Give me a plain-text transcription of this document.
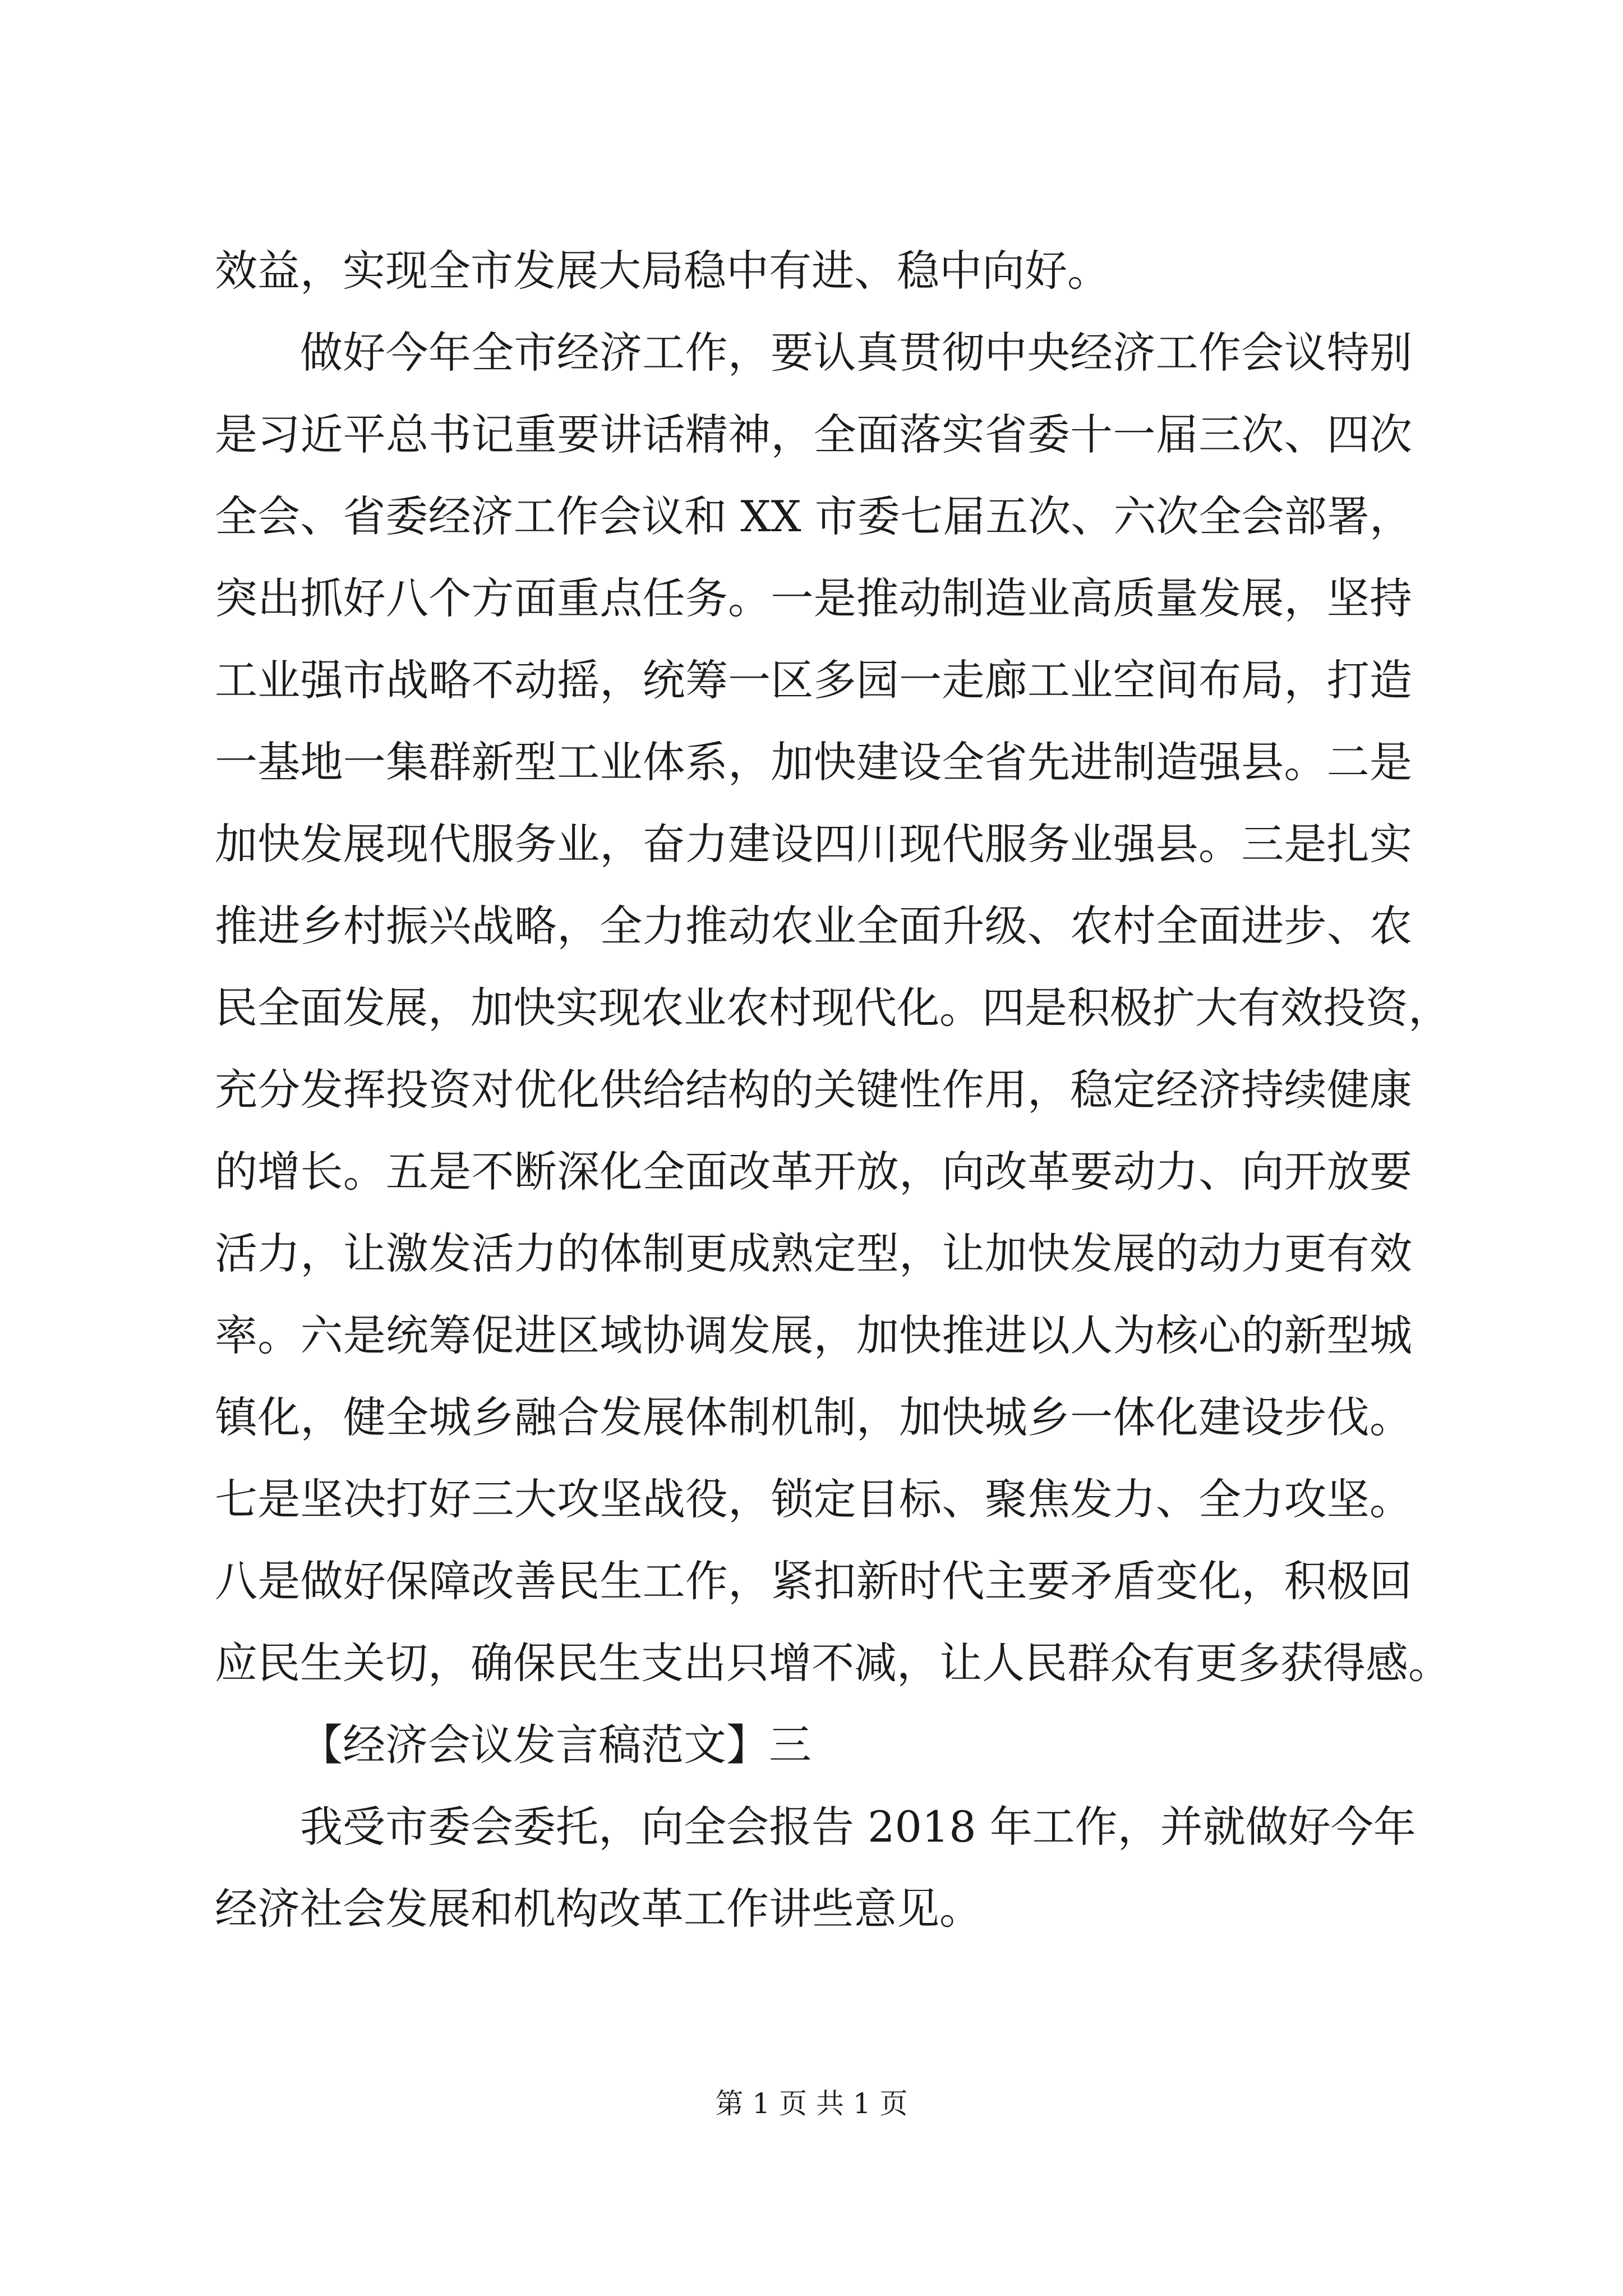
效益，实现全市发展大局稳中有进、稳中向好。
做好今年全市经济工作，要认真贯彻中央经济工作会议特别
是习近平总书记重要讲话精神，全面落实省委十一届三次、四次
全会、省委经济工作会议和 XX 市委七届五次、六次全会部署，
突出抓好八个方面重点任务。一是推动制造业高质量发展，坚持
工业强市战略不动摇，统筹一区多园一走廊工业空间布局，打造
一基地一集群新型工业体系，加快建设全省先进制造强县。二是
加快发展现代服务业，奋力建设四川现代服务业强县。三是扎实
推进乡村振兴战略，全力推动农业全面升级、农村全面进步、农
民全面发展，加快实现农业农村现代化。四是积极扩大有效投资，
充分发挥投资对优化供给结构的关键性作用，稳定经济持续健康
的增长。五是不断深化全面改革开放，向改革要动力、向开放要
活力，让激发活力的体制更成熟定型，让加快发展的动力更有效
率。六是统筹促进区域协调发展，加快推进以人为核心的新型城
镇化，健全城乡融合发展体制机制，加快城乡一体化建设步伐。
七是坚决打好三大攻坚战役，锁定目标、聚焦发力、全力攻坚。
八是做好保障改善民生工作，紧扣新时代主要矛盾变化，积极回
应民生关切，确保民生支出只增不减，让人民群众有更多获得感。
【经济会议发言稿范文】三
我受市委会委托，向全会报告 2018 年工作，并就做好今年
经济社会发展和机构改革工作讲些意见。
第 1 页 共 1 页
